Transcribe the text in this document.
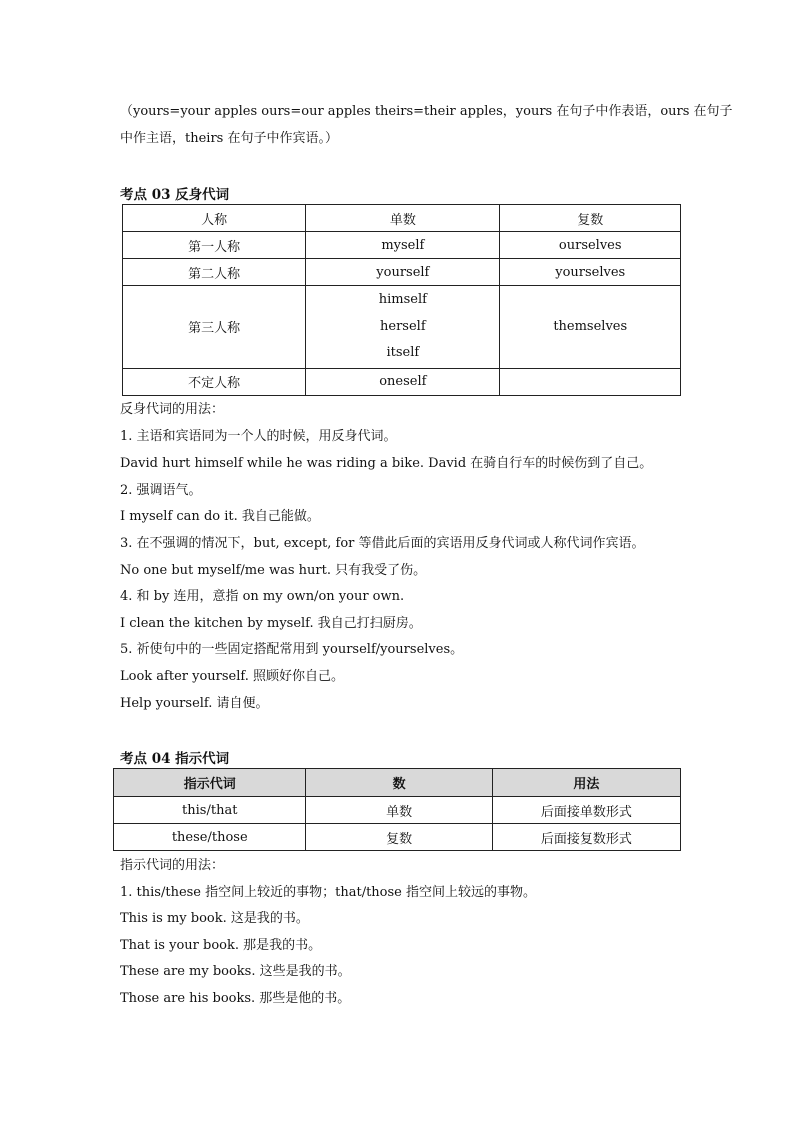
（yours=your apples ours=our apples theirs=their apples，yours 在句子中作表语，ours 在句子
中作主语，theirs 在句子中作宾语。）
考点 03 反身代词
人称	单数	复数
第一人称	myself	ourselves
第二人称	yourself	yourselves
第三人称	himself
herself
itself	themselves
不定人称	oneself	
反身代词的用法：
1. 主语和宾语同为一个人的时候，用反身代词。
David hurt himself while he was riding a bike. David 在骑自行车的时候伤到了自己。
2. 强调语气。
I myself can do it. 我自己能做。
3. 在不强调的情况下，but, except, for 等借此后面的宾语用反身代词或人称代词作宾语。
No one but myself/me was hurt. 只有我受了伤。
4. 和 by 连用，意指 on my own/on your own.
I clean the kitchen by myself. 我自己打扫厨房。
5. 祈使句中的一些固定搭配常用到 yourself/yourselves。
Look after yourself. 照顾好你自己。
Help yourself. 请自便。
考点 04 指示代词
指示代词	数	用法
this/that	单数	后面接单数形式
these/those	复数	后面接复数形式
指示代词的用法：
1. this/these 指空间上较近的事物；that/those 指空间上较远的事物。
This is my book. 这是我的书。
That is your book. 那是我的书。
These are my books. 这些是我的书。
Those are his books. 那些是他的书。
